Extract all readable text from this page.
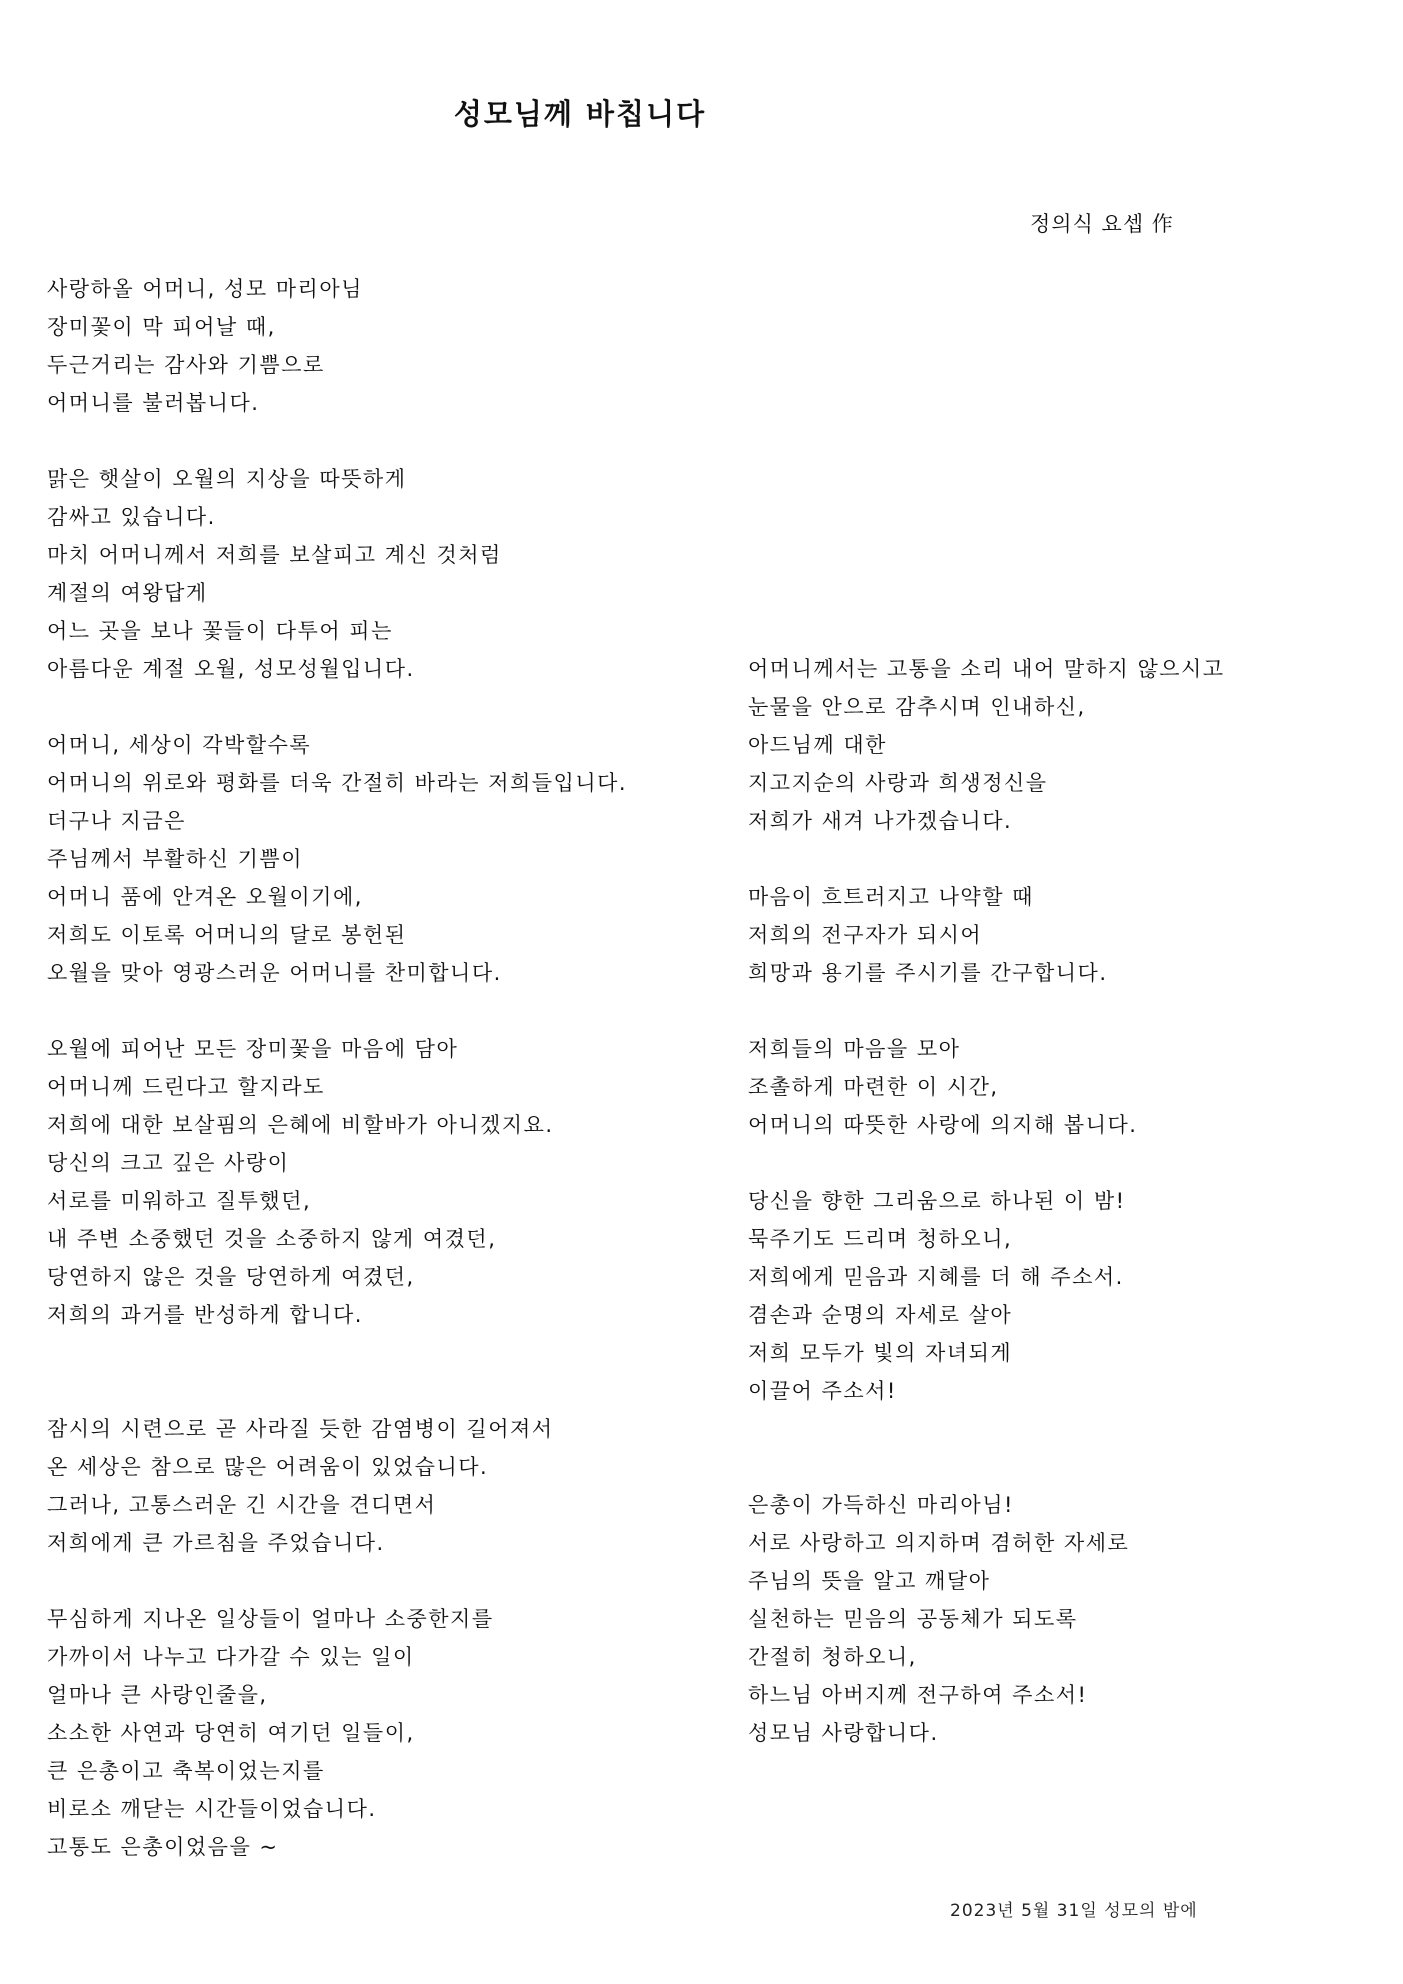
성모님께 바칩니다
정의식 요셉 作
사랑하올 어머니, 성모 마리아님
장미꽃이 막 피어날 때,
두근거리는 감사와 기쁨으로
어머니를 불러봅니다.
맑은 햇살이 오월의 지상을 따뜻하게
감싸고 있습니다.
마치 어머니께서 저희를 보살피고 계신 것처럼
계절의 여왕답게
어느 곳을 보나 꽃들이 다투어 피는
아름다운 계절 오월, 성모성월입니다.
어머니, 세상이 각박할수록
어머니의 위로와 평화를 더욱 간절히 바라는 저희들입니다.
더구나 지금은
주님께서 부활하신 기쁨이
어머니 품에 안겨온 오월이기에,
저희도 이토록 어머니의 달로 봉헌된
오월을 맞아 영광스러운 어머니를 찬미합니다.
오월에 피어난 모든 장미꽃을 마음에 담아
어머니께 드린다고 할지라도
저희에 대한 보살핌의 은혜에 비할바가 아니겠지요.
당신의 크고 깊은 사랑이
서로를 미워하고 질투했던,
내 주변 소중했던 것을 소중하지 않게 여겼던,
당연하지 않은 것을 당연하게 여겼던,
저희의 과거를 반성하게 합니다.
잠시의 시련으로 곧 사라질 듯한 감염병이 길어져서
온 세상은 참으로 많은 어려움이 있었습니다.
그러나, 고통스러운 긴 시간을 견디면서
저희에게 큰 가르침을 주었습니다.
무심하게 지나온 일상들이 얼마나 소중한지를
가까이서 나누고 다가갈 수 있는 일이
얼마나 큰 사랑인줄을,
소소한 사연과 당연히 여기던 일들이,
큰 은총이고 축복이었는지를
비로소 깨닫는 시간들이었습니다.
고통도 은총이었음을 ~
어머니께서는 고통을 소리 내어 말하지 않으시고
눈물을 안으로 감추시며 인내하신,
아드님께 대한
지고지순의 사랑과 희생정신을
저희가 새겨 나가겠습니다.
마음이 흐트러지고 나약할 때
저희의 전구자가 되시어
희망과 용기를 주시기를 간구합니다.
저희들의 마음을 모아
조촐하게 마련한 이 시간,
어머니의 따뜻한 사랑에 의지해 봅니다.
당신을 향한 그리움으로 하나된 이 밤!
묵주기도 드리며 청하오니,
저희에게 믿음과 지혜를 더 해 주소서.
겸손과 순명의 자세로 살아
저희 모두가 빛의 자녀되게
이끌어 주소서!
은총이 가득하신 마리아님!
서로 사랑하고 의지하며 겸허한 자세로
주님의 뜻을 알고 깨달아
실천하는 믿음의 공동체가 되도록
간절히 청하오니,
하느님 아버지께 전구하여 주소서!
성모님 사랑합니다.
2023년 5월 31일 성모의 밤에
